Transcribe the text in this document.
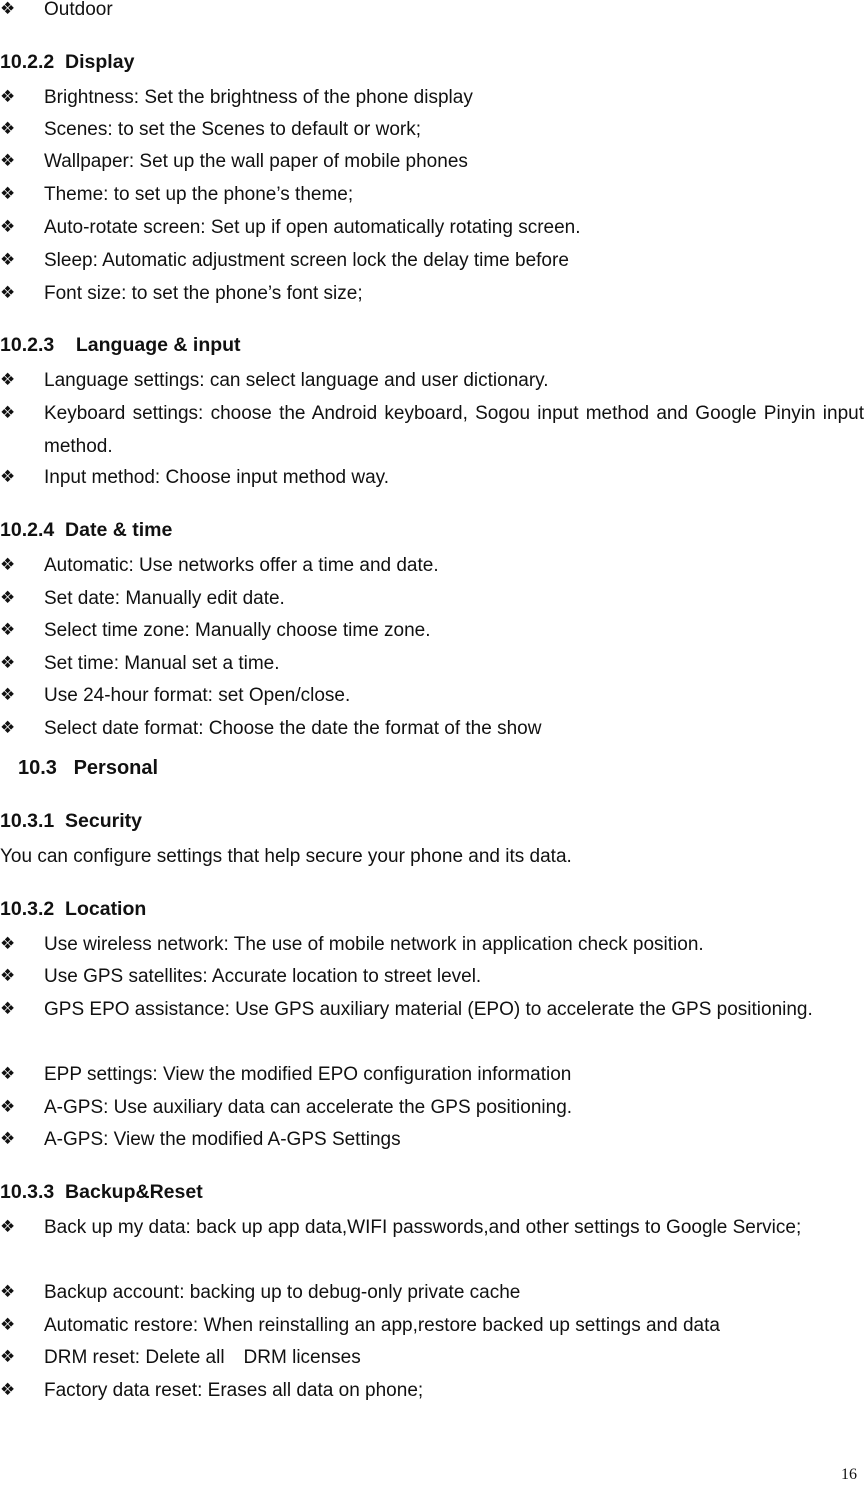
❖	Outdoor
10.2.2  Display
❖	Brightness: Set the brightness of the phone display
❖	Scenes: to set the Scenes to default or work;
❖	Wallpaper: Set up the wall paper of mobile phones
❖	Theme: to set up the phone’s theme;
❖	Auto-rotate screen: Set up if open automatically rotating screen.
❖	Sleep: Automatic adjustment screen lock the delay time before
❖	Font size: to set the phone’s font size;
10.2.3    Language & input
❖	Language settings: can select language and user dictionary.
❖	Keyboard settings: choose the Android keyboard, Sogou input method and Google Pinyin input method.
❖	Input method: Choose input method way.
10.2.4  Date & time
❖	Automatic: Use networks offer a time and date.
❖	Set date: Manually edit date.
❖	Select time zone: Manually choose time zone.
❖	Set time: Manual set a time.
❖	Use 24-hour format: set Open/close.
❖	Select date format: Choose the date the format of the show
10.3   Personal
10.3.1  Security
You can configure settings that help secure your phone and its data.
10.3.2  Location
❖	Use wireless network: The use of mobile network in application check position.
❖	Use GPS satellites: Accurate location to street level.
❖	GPS EPO assistance: Use GPS auxiliary material (EPO) to accelerate the GPS positioning.
❖	EPP settings: View the modified EPO configuration information
❖	A-GPS: Use auxiliary data can accelerate the GPS positioning.
❖	A-GPS: View the modified A-GPS Settings
10.3.3  Backup&Reset
❖	Back up my data: back up app data,WIFI passwords,and other settings to Google Service;
❖	Backup account: backing up to debug-only private cache
❖	Automatic restore: When reinstalling an app,restore backed up settings and data
❖	DRM reset: Delete all　DRM licenses
❖	Factory data reset: Erases all data on phone;
16
